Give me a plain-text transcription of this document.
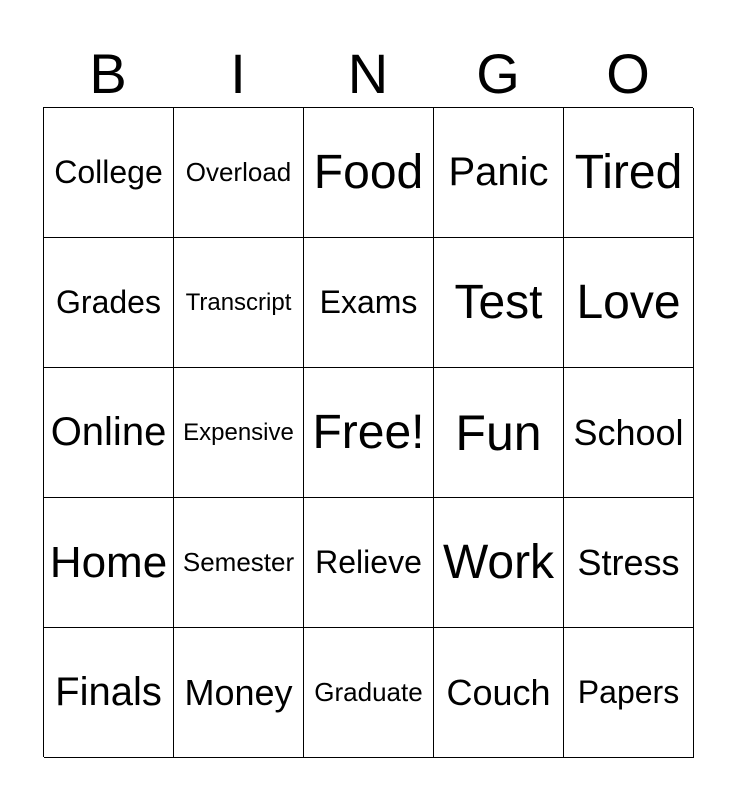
B	I	N	G	O
College Overload Food Panic Tired
Grades	Transcript Exams Test Love
Online Expensive Free! Fun School
Home Semester Relieve Work Stress
Finals Money Graduate Couch Papers
